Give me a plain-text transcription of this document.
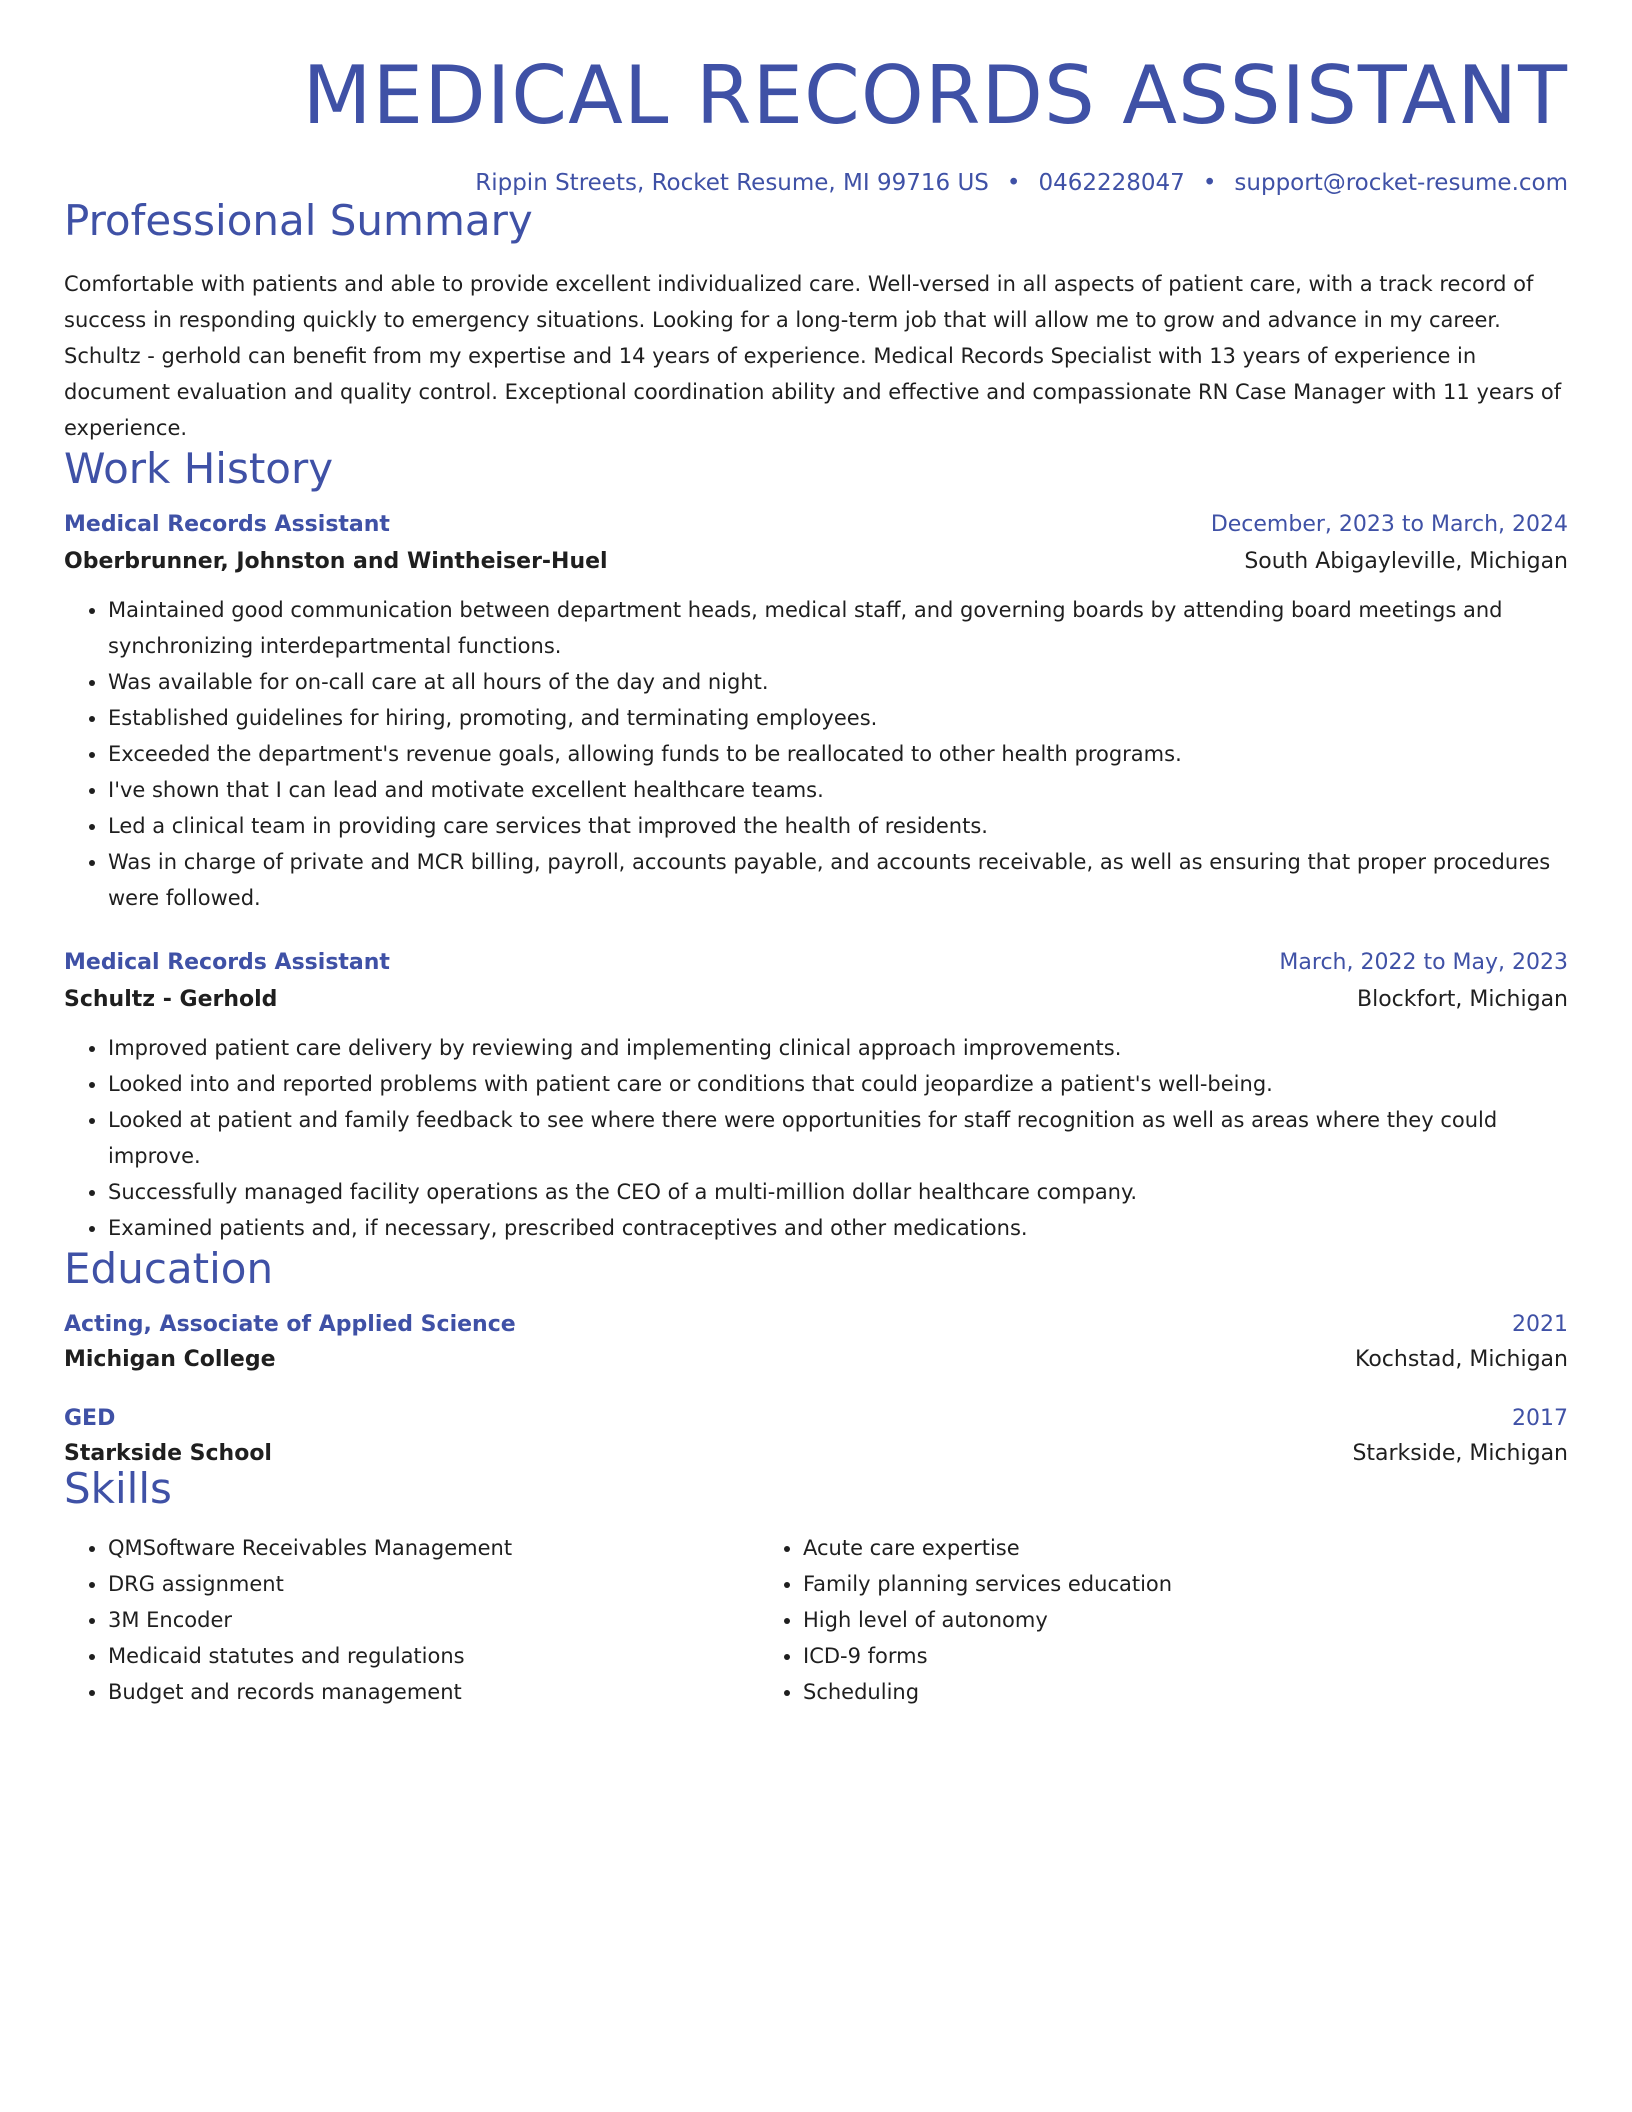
MEDICAL RECORDS ASSISTANT
Rippin Streets, Rocket Resume, MI 99716 US • 0462228047 • support@rocket-resume.com
Professional Summary

Comfortable with patients and able to provide excellent individualized care. Well-versed in all aspects of patient care, with a track record of success in responding quickly to emergency situations. Looking for a long-term job that will allow me to grow and advance in my career. Schultz - gerhold can benefit from my expertise and 14 years of experience. Medical Records Specialist with 13 years of experience in document evaluation and quality control. Exceptional coordination ability and effective and compassionate RN Case Manager with 11 years of experience.

Work History
Medical Records Assistant	December, 2023 to March, 2024
Oberbrunner, Johnston and Wintheiser-Huel	South Abigayleville, Michigan
• Maintained good communication between department heads, medical staff, and governing boards by attending board meetings and synchronizing interdepartmental functions.
• Was available for on-call care at all hours of the day and night.
• Established guidelines for hiring, promoting, and terminating employees.
• Exceeded the department's revenue goals, allowing funds to be reallocated to other health programs.
• I've shown that I can lead and motivate excellent healthcare teams.
• Led a clinical team in providing care services that improved the health of residents.
• Was in charge of private and MCR billing, payroll, accounts payable, and accounts receivable, as well as ensuring that proper procedures were followed.
Medical Records Assistant	March, 2022 to May, 2023
Schultz - Gerhold	Blockfort, Michigan
• Improved patient care delivery by reviewing and implementing clinical approach improvements.
• Looked into and reported problems with patient care or conditions that could jeopardize a patient's well-being.
• Looked at patient and family feedback to see where there were opportunities for staff recognition as well as areas where they could improve.
• Successfully managed facility operations as the CEO of a multi-million dollar healthcare company.
• Examined patients and, if necessary, prescribed contraceptives and other medications.
Education
Acting, Associate of Applied Science	2021
Michigan College	Kochstad, Michigan
GED	2017
Starkside School	Starkside, Michigan
Skills
• QMSoftware Receivables Management
• DRG assignment
• 3M Encoder
• Medicaid statutes and regulations
• Budget and records management
• Acute care expertise
• Family planning services education
• High level of autonomy
• ICD-9 forms
• Scheduling
